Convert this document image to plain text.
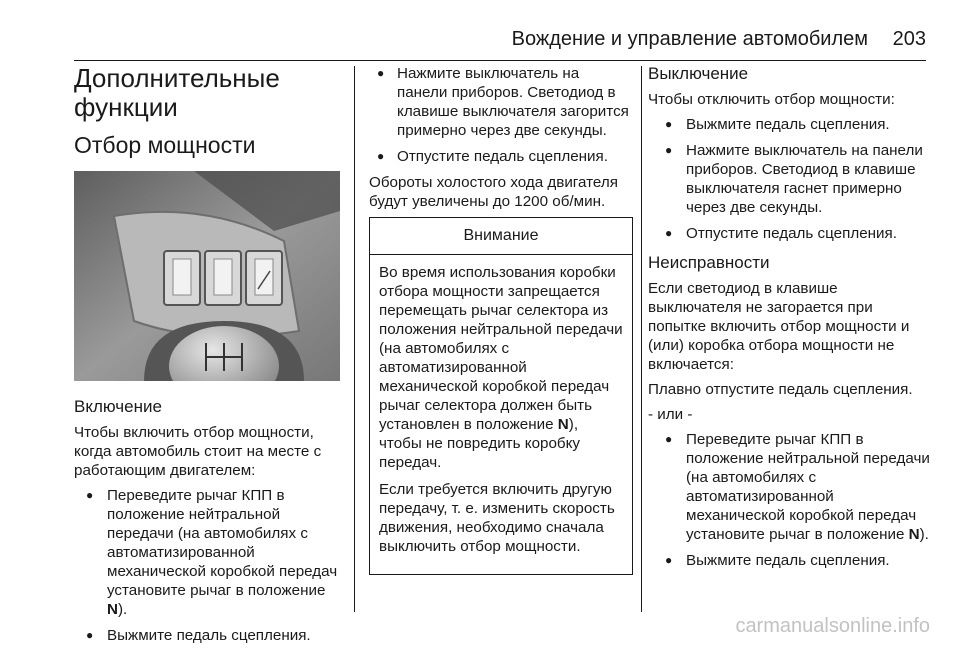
Вождение и управление автомобилем 203
Дополнительные функции
Отбор мощности
Включение

Чтобы включить отбор мощности, когда автомобиль стоит на месте с работающим двигателем:

● Переведите рычаг КПП в положение нейтральной передачи (на автомобилях с автоматизированной механической коробкой передач установите рычаг в положение N).
● Выжмите педаль сцепления.
● Нажмите выключатель на панели приборов. Светодиод в клавише выключателя загорится примерно через две секунды.
● Отпустите педаль сцепления.

Обороты холостого хода двигателя будут увеличены до 1200 об/мин.

Внимание

Во время использования коробки отбора мощности запрещается перемещать рычаг селектора из положения нейтральной передачи (на автомобилях с автоматизированной механической коробкой передач рычаг селектора должен быть установлен в положение N), чтобы не повредить коробку передач.

Если требуется включить другую передачу, т. е. изменить скорость движения, необходимо сначала выключить отбор мощности.

Выключение

Чтобы отключить отбор мощности:

● Выжмите педаль сцепления.
● Нажмите выключатель на панели приборов. Светодиод в клавише выключателя гаснет примерно через две секунды.
● Отпустите педаль сцепления.
Неисправности

Если светодиод в клавише выключателя не загорается при попытке включить отбор мощности и (или) коробка отбора мощности не включается:

Плавно отпустите педаль сцепления.

- или -

● Переведите рычаг КПП в положение нейтральной передачи (на автомобилях с автоматизированной механической коробкой передач установите рычаг в положение N).
● Выжмите педаль сцепления.
carmanualsonline.info
